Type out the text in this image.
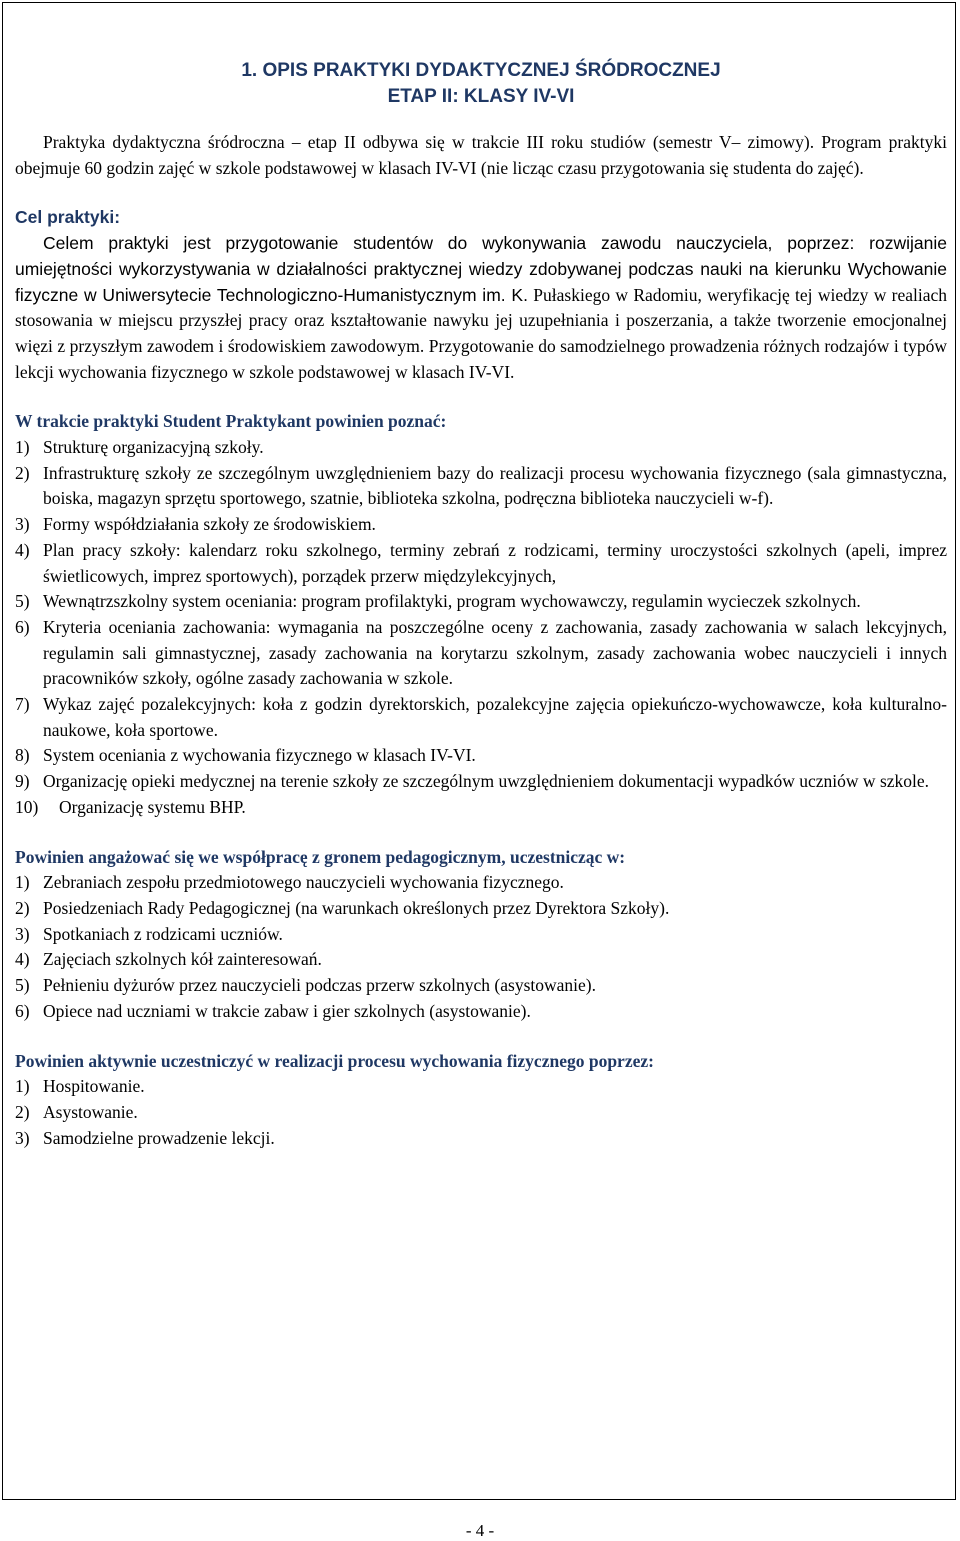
1. OPIS PRAKTYKI DYDAKTYCZNEJ ŚRÓDROCZNEJ
ETAP II: KLASY IV-VI

Praktyka dydaktyczna śródroczna – etap II odbywa się w trakcie III roku studiów (semestr V– zimowy). Program praktyki obejmuje 60 godzin zajęć w szkole podstawowej w klasach IV-VI (nie licząc czasu przygotowania się studenta do zajęć).

Cel praktyki:

Celem praktyki jest przygotowanie studentów do wykonywania zawodu nauczyciela, poprzez: rozwijanie umiejętności wykorzystywania w działalności praktycznej wiedzy zdobywanej podczas nauki na kierunku Wychowanie fizyczne w Uniwersytecie Technologiczno-Humanistycznym im. K. Pułaskiego w Radomiu, weryfikację tej wiedzy w realiach stosowania w miejscu przyszłej pracy oraz kształtowanie nawyku jej uzupełniania i poszerzania, a także tworzenie emocjonalnej więzi z przyszłym zawodem i środowiskiem zawodowym. Przygotowanie do samodzielnego prowadzenia różnych rodzajów i typów lekcji wychowania fizycznego w szkole podstawowej w klasach IV-VI.

W trakcie praktyki Student Praktykant powinien poznać:
1) Strukturę organizacyjną szkoły.
2) Infrastrukturę szkoły ze szczególnym uwzględnieniem bazy do realizacji procesu wychowania fizycznego (sala gimnastyczna, boiska, magazyn sprzętu sportowego, szatnie, biblioteka szkolna, podręczna biblioteka nauczycieli w-f).
3) Formy współdziałania szkoły ze środowiskiem.
4) Plan pracy szkoły: kalendarz roku szkolnego, terminy zebrań z rodzicami, terminy uroczystości szkolnych (apeli, imprez świetlicowych, imprez sportowych), porządek przerw międzylekcyjnych,
5) Wewnątrzszkolny system oceniania: program profilaktyki, program wychowawczy, regulamin wycieczek szkolnych.
6) Kryteria oceniania zachowania: wymagania na poszczególne oceny z zachowania, zasady zachowania w salach lekcyjnych, regulamin sali gimnastycznej, zasady zachowania na korytarzu szkolnym, zasady zachowania wobec nauczycieli i innych pracowników szkoły, ogólne zasady zachowania w szkole.
7) Wykaz zajęć pozalekcyjnych: koła z godzin dyrektorskich, pozalekcyjne zajęcia opiekuńczo-wychowawcze, koła kulturalno-naukowe, koła sportowe.
8) System oceniania z wychowania fizycznego w klasach IV-VI.
9) Organizację opieki medycznej na terenie szkoły ze szczególnym uwzględnieniem dokumentacji wypadków uczniów w szkole.
10) Organizację systemu BHP.
Powinien angażować się we współpracę z gronem pedagogicznym, uczestnicząc w:
1) Zebraniach zespołu przedmiotowego nauczycieli wychowania fizycznego.
2) Posiedzeniach Rady Pedagogicznej (na warunkach określonych przez Dyrektora Szkoły).
3) Spotkaniach z rodzicami uczniów.
4) Zajęciach szkolnych kół zainteresowań.
5) Pełnieniu dyżurów przez nauczycieli podczas przerw szkolnych (asystowanie).
6) Opiece nad uczniami w trakcie zabaw i gier szkolnych (asystowanie).
Powinien aktywnie uczestniczyć w realizacji procesu wychowania fizycznego poprzez:
1) Hospitowanie.
2) Asystowanie.
3) Samodzielne prowadzenie lekcji.
- 4 -
